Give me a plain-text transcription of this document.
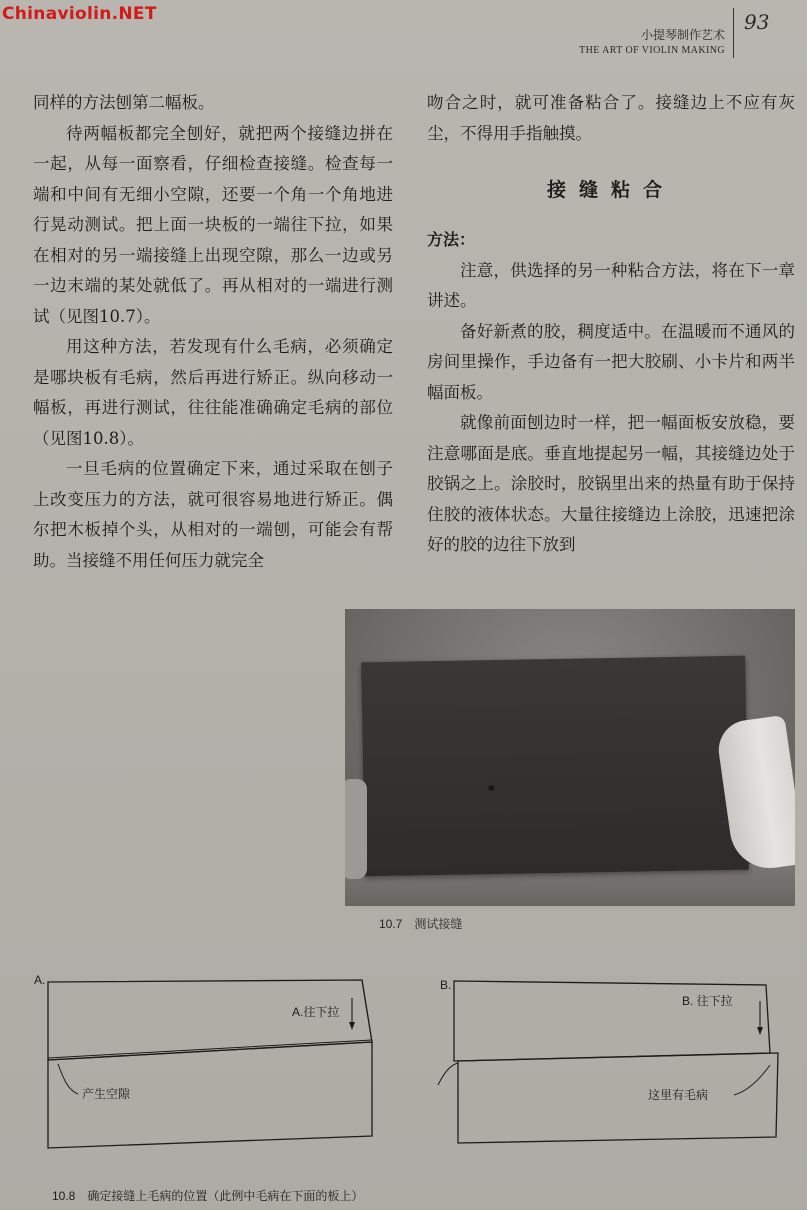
Chinaviolin.NET
小提琴制作艺术
THE ART OF VIOLIN MAKING
93

同样的方法刨第二幅板。

待两幅板都完全刨好，就把两个接缝边拼在一起，从每一面察看，仔细检查接缝。检查每一端和中间有无细小空隙，还要一个角一个角地进行晃动测试。把上面一块板的一端往下拉，如果在相对的另一端接缝上出现空隙，那么一边或另一边末端的某处就低了。再从相对的一端进行测试（见图10.7）。

用这种方法，若发现有什么毛病，必须确定是哪块板有毛病，然后再进行矫正。纵向移动一幅板，再进行测试，往往能准确确定毛病的部位（见图10.8）。

一旦毛病的位置确定下来，通过采取在刨子上改变压力的方法，就可很容易地进行矫正。偶尔把木板掉个头，从相对的一端刨，可能会有帮助。当接缝不用任何压力就完全

吻合之时，就可准备粘合了。接缝边上不应有灰尘，不得用手指触摸。

接缝粘合

方法：

注意，供选择的另一种粘合方法，将在下一章讲述。

备好新煮的胶，稠度适中。在温暖而不通风的房间里操作，手边备有一把大胶刷、小卡片和两半幅面板。

就像前面刨边时一样，把一幅面板安放稳，要注意哪面是底。垂直地提起另一幅，其接缝边处于胶锅之上。涂胶时，胶锅里出来的热量有助于保持住胶的液体状态。大量往接缝边上涂胶，迅速把涂好的胶的边往下放到

10.7　测试接缝
A.
A.往下拉
产生空隙
B.
B. 往下拉
这里有毛病
10.8　确定接缝上毛病的位置（此例中毛病在下面的板上）
